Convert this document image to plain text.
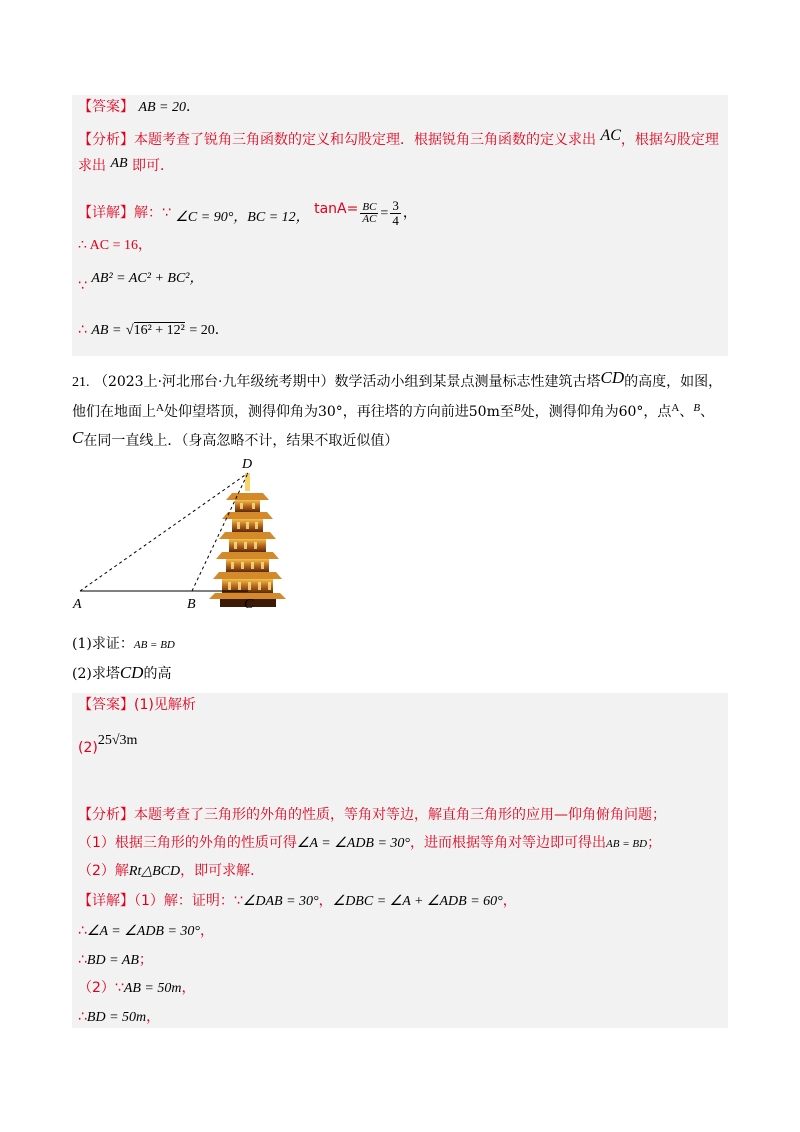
【答案】 AB = 20．
【分析】本题考查了锐角三角函数的定义和勾股定理．根据锐角三角函数的定义求出 AC，根据勾股定理
求出 AB 即可．
【详解】解：∵ ∠C = 90°，BC = 12， $\tan A= \frac{BC}{AC} = \frac{3}{4}$ ，
∴ AC = 16，
∵ AB² = AC² + BC²，
∴ AB = √16² + 12² = 20．
21. （2023上·河北邢台·九年级统考期中）数学活动小组到某景点测量标志性建筑古塔CD的高度，如图，
他们在地面上$^A$处仰望塔顶，测得仰角为30°，再往塔的方向前进50m至$^B$处，测得仰角为60°，点$^A$、$^B$、
C在同一直线上．（身高忽略不计，结果不取近似值）
A	B	C
D
(1)求证：AB = BD
(2)求塔CD的高
【答案】(1)见解析
(2)25√3m
【分析】本题考查了三角形的外角的性质，等角对等边，解直角三角形的应用—仰角俯角问题；
（1）根据三角形的外角的性质可得∠A = ∠ADB = 30°，进而根据等角对等边即可得出AB = BD；
（2）解Rt△BCD，即可求解．
【详解】（1）解：证明：∵∠DAB = 30°，∠DBC = ∠A + ∠ADB = 60°，
∴∠A = ∠ADB = 30°，
∴BD = AB；
（2）∵AB = 50m，
∴BD = 50m，
